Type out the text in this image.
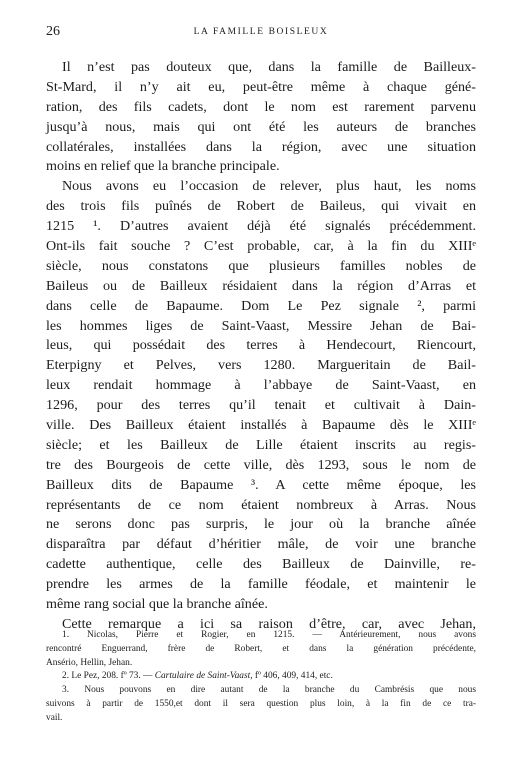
26	LA FAMILLE BOISLEUX
Il n’est pas douteux que, dans la famille de Bailleux-
St-Mard, il n’y ait eu, peut-être même à chaque géné-
ration, des fils cadets, dont le nom est rarement parvenu
jusqu’à nous, mais qui ont été les auteurs de branches
collatérales, installées dans la région, avec une situation
moins en relief que la branche principale.
Nous avons eu l’occasion de relever, plus haut, les noms
des trois fils puînés de Robert de Baileus, qui vivait en
1215 ¹. D’autres avaient déjà été signalés précédemment.
Ont-ils fait souche ? C’est probable, car, à la fin du XIIIᵉ
siècle, nous constatons que plusieurs familles nobles de
Baileus ou de Bailleux résidaient dans la région d’Arras et
dans celle de Bapaume. Dom Le Pez signale ², parmi
les hommes liges de Saint-Vaast, Messire Jehan de Bai-
leus, qui possédait des terres à Hendecourt, Riencourt,
Eterpigny et Pelves, vers 1280. Margueritain de Bail-
leux rendait hommage à l’abbaye de Saint-Vaast, en
1296, pour des terres qu’il tenait et cultivait à Dain-
ville. Des Bailleux étaient installés à Bapaume dès le XIIIᵉ
siècle; et les Bailleux de Lille étaient inscrits au regis-
tre des Bourgeois de cette ville, dès 1293, sous le nom de
Bailleux dits de Bapaume ³. A cette même époque, les
représentants de ce nom étaient nombreux à Arras. Nous
ne serons donc pas surpris, le jour où la branche aînée
disparaîtra par défaut d’héritier mâle, de voir une branche
cadette authentique, celle des Bailleux de Dainville, re-
prendre les armes de la famille féodale, et maintenir le
même rang social que la branche aînée.
Cette remarque a ici sa raison d’être, car, avec Jehan,
1. Nicolas, Pierre et Rogier, en 1215. — Antérieurement, nous avons
rencontré Enguerrand, frère de Robert, et dans la génération précédente,
Ansério, Hellin, Jehan.
2. Le Pez, 208. fº 73. — Cartulaire de Saint-Vaast, fº 406, 409, 414, etc.
3. Nous pouvons en dire autant de la branche du Cambrésis que nous
suivons à partir de 1550,et dont il sera question plus loin, à la fin de ce tra-
vail.
